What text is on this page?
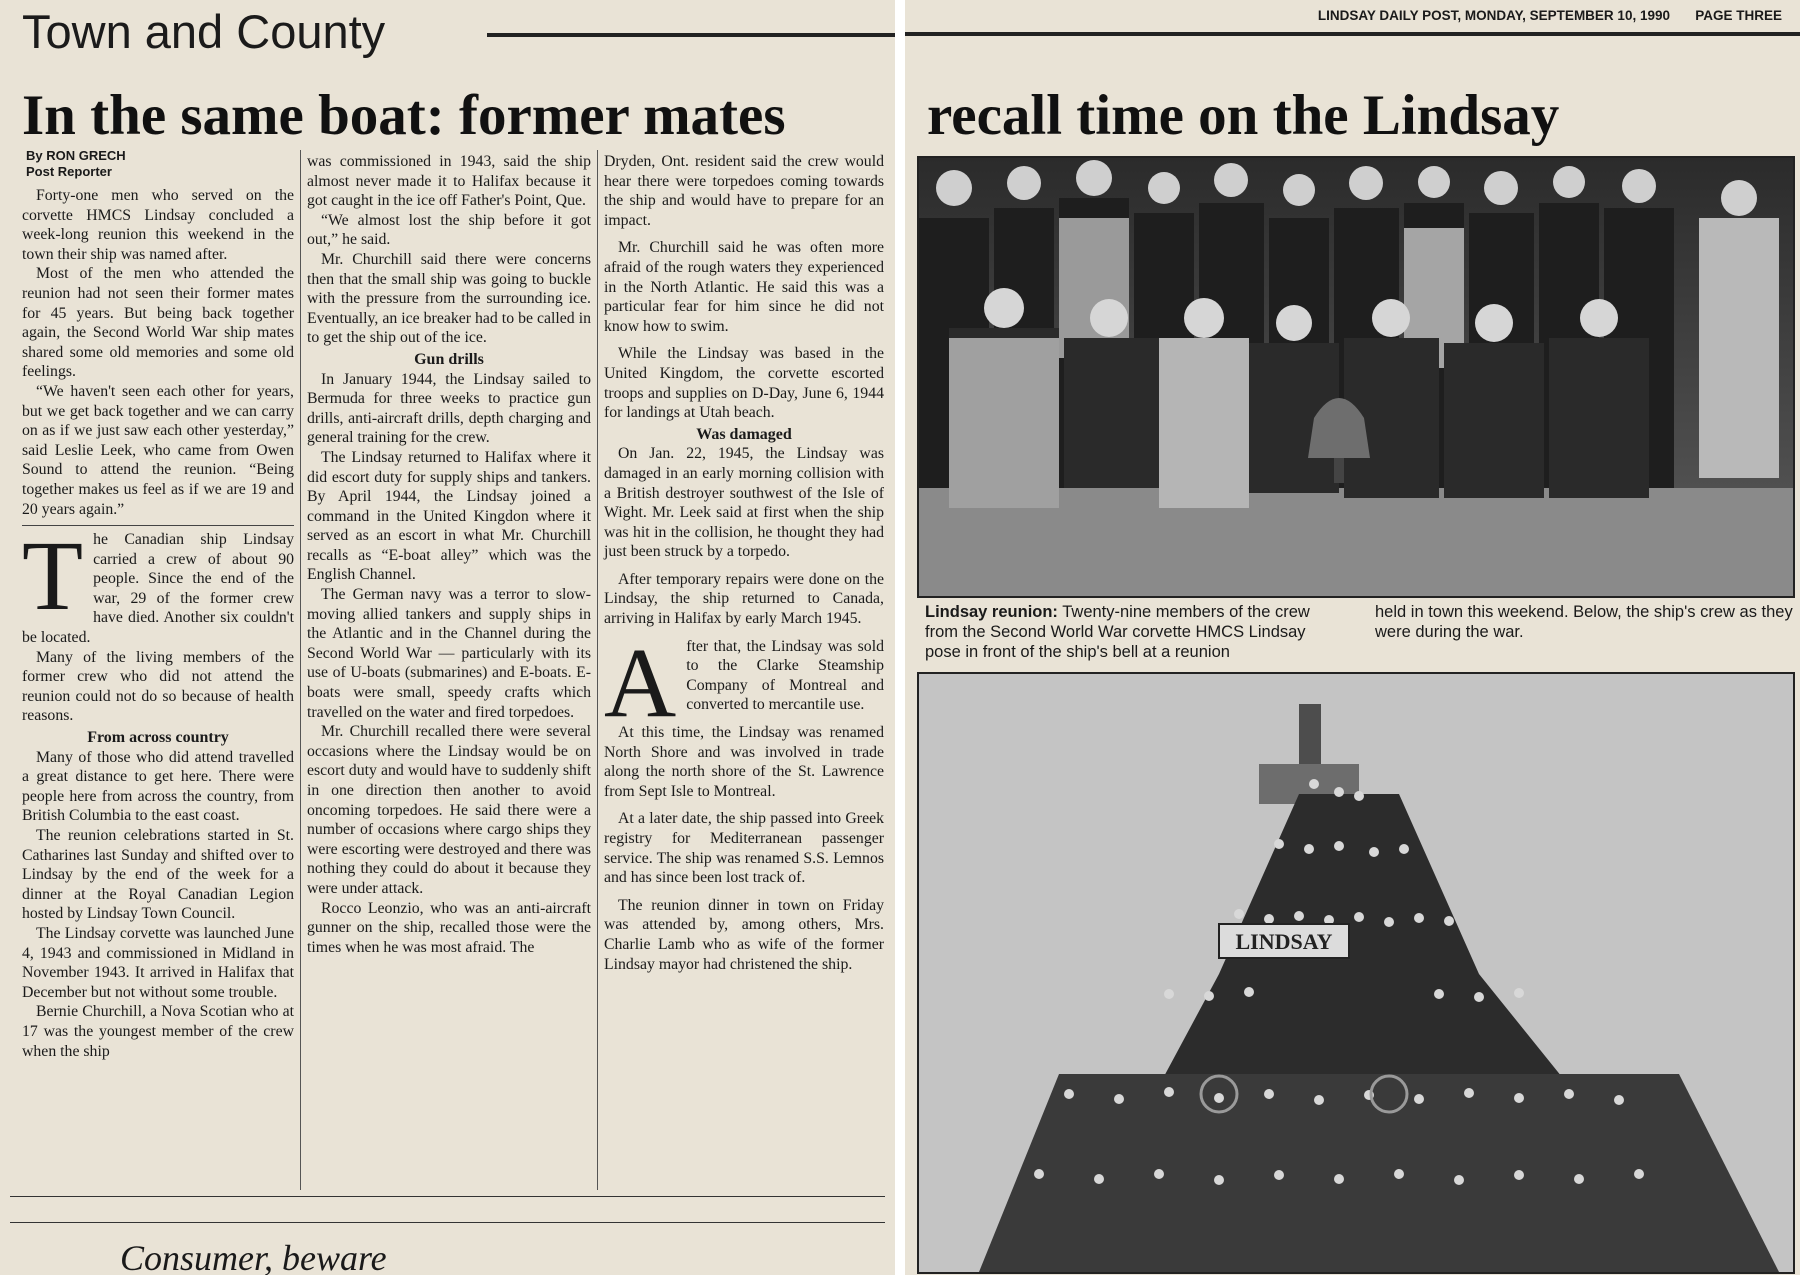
Town and County
In the same boat: former mates
By RON GRECH
Post Reporter

Forty-one men who served on the corvette HMCS Lindsay concluded a week-long reunion this weekend in the town their ship was named after.

Most of the men who attended the reunion had not seen their former mates for 45 years. But being back together again, the Second World War ship mates shared some old memories and some old feelings.

“We haven't seen each other for years, but we get back together and we can carry on as if we just saw each other yesterday,” said Leslie Leek, who came from Owen Sound to attend the reunion. “Being together makes us feel as if we are 19 and 20 years again.”

T he Canadian ship Lindsay carried a crew of about 90 people. Since the end of the war, 29 of the former crew have died. Another six couldn't be located.

Many of the living members of the former crew who did not attend the reunion could not do so because of health reasons.

From across country

Many of those who did attend travelled a great distance to get here. There were people here from across the country, from British Columbia to the east coast.

The reunion celebrations started in St. Catharines last Sunday and shifted over to Lindsay by the end of the week for a dinner at the Royal Canadian Legion hosted by Lindsay Town Council.

The Lindsay corvette was launched June 4, 1943 and commissioned in Midland in November 1943. It arrived in Halifax that December but not without some trouble.

Bernie Churchill, a Nova Scotian who at 17 was the youngest member of the crew when the ship

was commissioned in 1943, said the ship almost never made it to Halifax because it got caught in the ice off Father's Point, Que.

“We almost lost the ship before it got out,” he said.

Mr. Churchill said there were concerns then that the small ship was going to buckle with the pressure from the surrounding ice. Eventually, an ice breaker had to be called in to get the ship out of the ice.

Gun drills

In January 1944, the Lindsay sailed to Bermuda for three weeks to practice gun drills, anti-aircraft drills, depth charging and general training for the crew.

The Lindsay returned to Halifax where it did escort duty for supply ships and tankers. By April 1944, the Lindsay joined a command in the United Kingdon where it served as an escort in what Mr. Churchill recalls as “E-boat alley” which was the English Channel.

The German navy was a terror to slow-moving allied tankers and supply ships in the Atlantic and in the Channel during the Second World War — particularly with its use of U-boats (submarines) and E-boats. E-boats were small, speedy crafts which travelled on the water and fired torpedoes.

Mr. Churchill recalled there were several occasions where the Lindsay would be on escort duty and would have to suddenly shift in one direction then another to avoid oncoming torpedoes. He said there were a number of occasions where cargo ships they were escorting were destroyed and there was nothing they could do about it because they were under attack.

Rocco Leonzio, who was an anti-aircraft gunner on the ship, recalled those were the times when he was most afraid. The

Dryden, Ont. resident said the crew would hear there were torpedoes coming towards the ship and would have to prepare for an impact.

Mr. Churchill said he was often more afraid of the rough waters they experienced in the North Atlantic. He said this was a particular fear for him since he did not know how to swim.

While the Lindsay was based in the United Kingdom, the corvette escorted troops and supplies on D-Day, June 6, 1944 for landings at Utah beach.

Was damaged

On Jan. 22, 1945, the Lindsay was damaged in an early morning collision with a British destroyer southwest of the Isle of Wight. Mr. Leek said at first when the ship was hit in the collision, he thought they had just been struck by a torpedo.

After temporary repairs were done on the Lindsay, the ship returned to Canada, arriving in Halifax by early March 1945.

A fter that, the Lindsay was sold to the Clarke Steamship Company of Montreal and converted to mercantile use.

At this time, the Lindsay was renamed North Shore and was involved in trade along the north shore of the St. Lawrence from Sept Isle to Montreal.

At a later date, the ship passed into Greek registry for Mediterranean passenger service. The ship was renamed S.S. Lemnos and has since been lost track of.

The reunion dinner in town on Friday was attended by, among others, Mrs. Charlie Lamb who as wife of the former Lindsay mayor had christened the ship.

Consumer, beware
LINDSAY DAILY POST, MONDAY, SEPTEMBER 10, 1990 PAGE THREE
recall time on the Lindsay
Lindsay reunion: Twenty-nine members of the crew from the Second World War corvette HMCS Lindsay pose in front of the ship's bell at a reunion
held in town this weekend. Below, the ship's crew as they were during the war.
LINDSAY
